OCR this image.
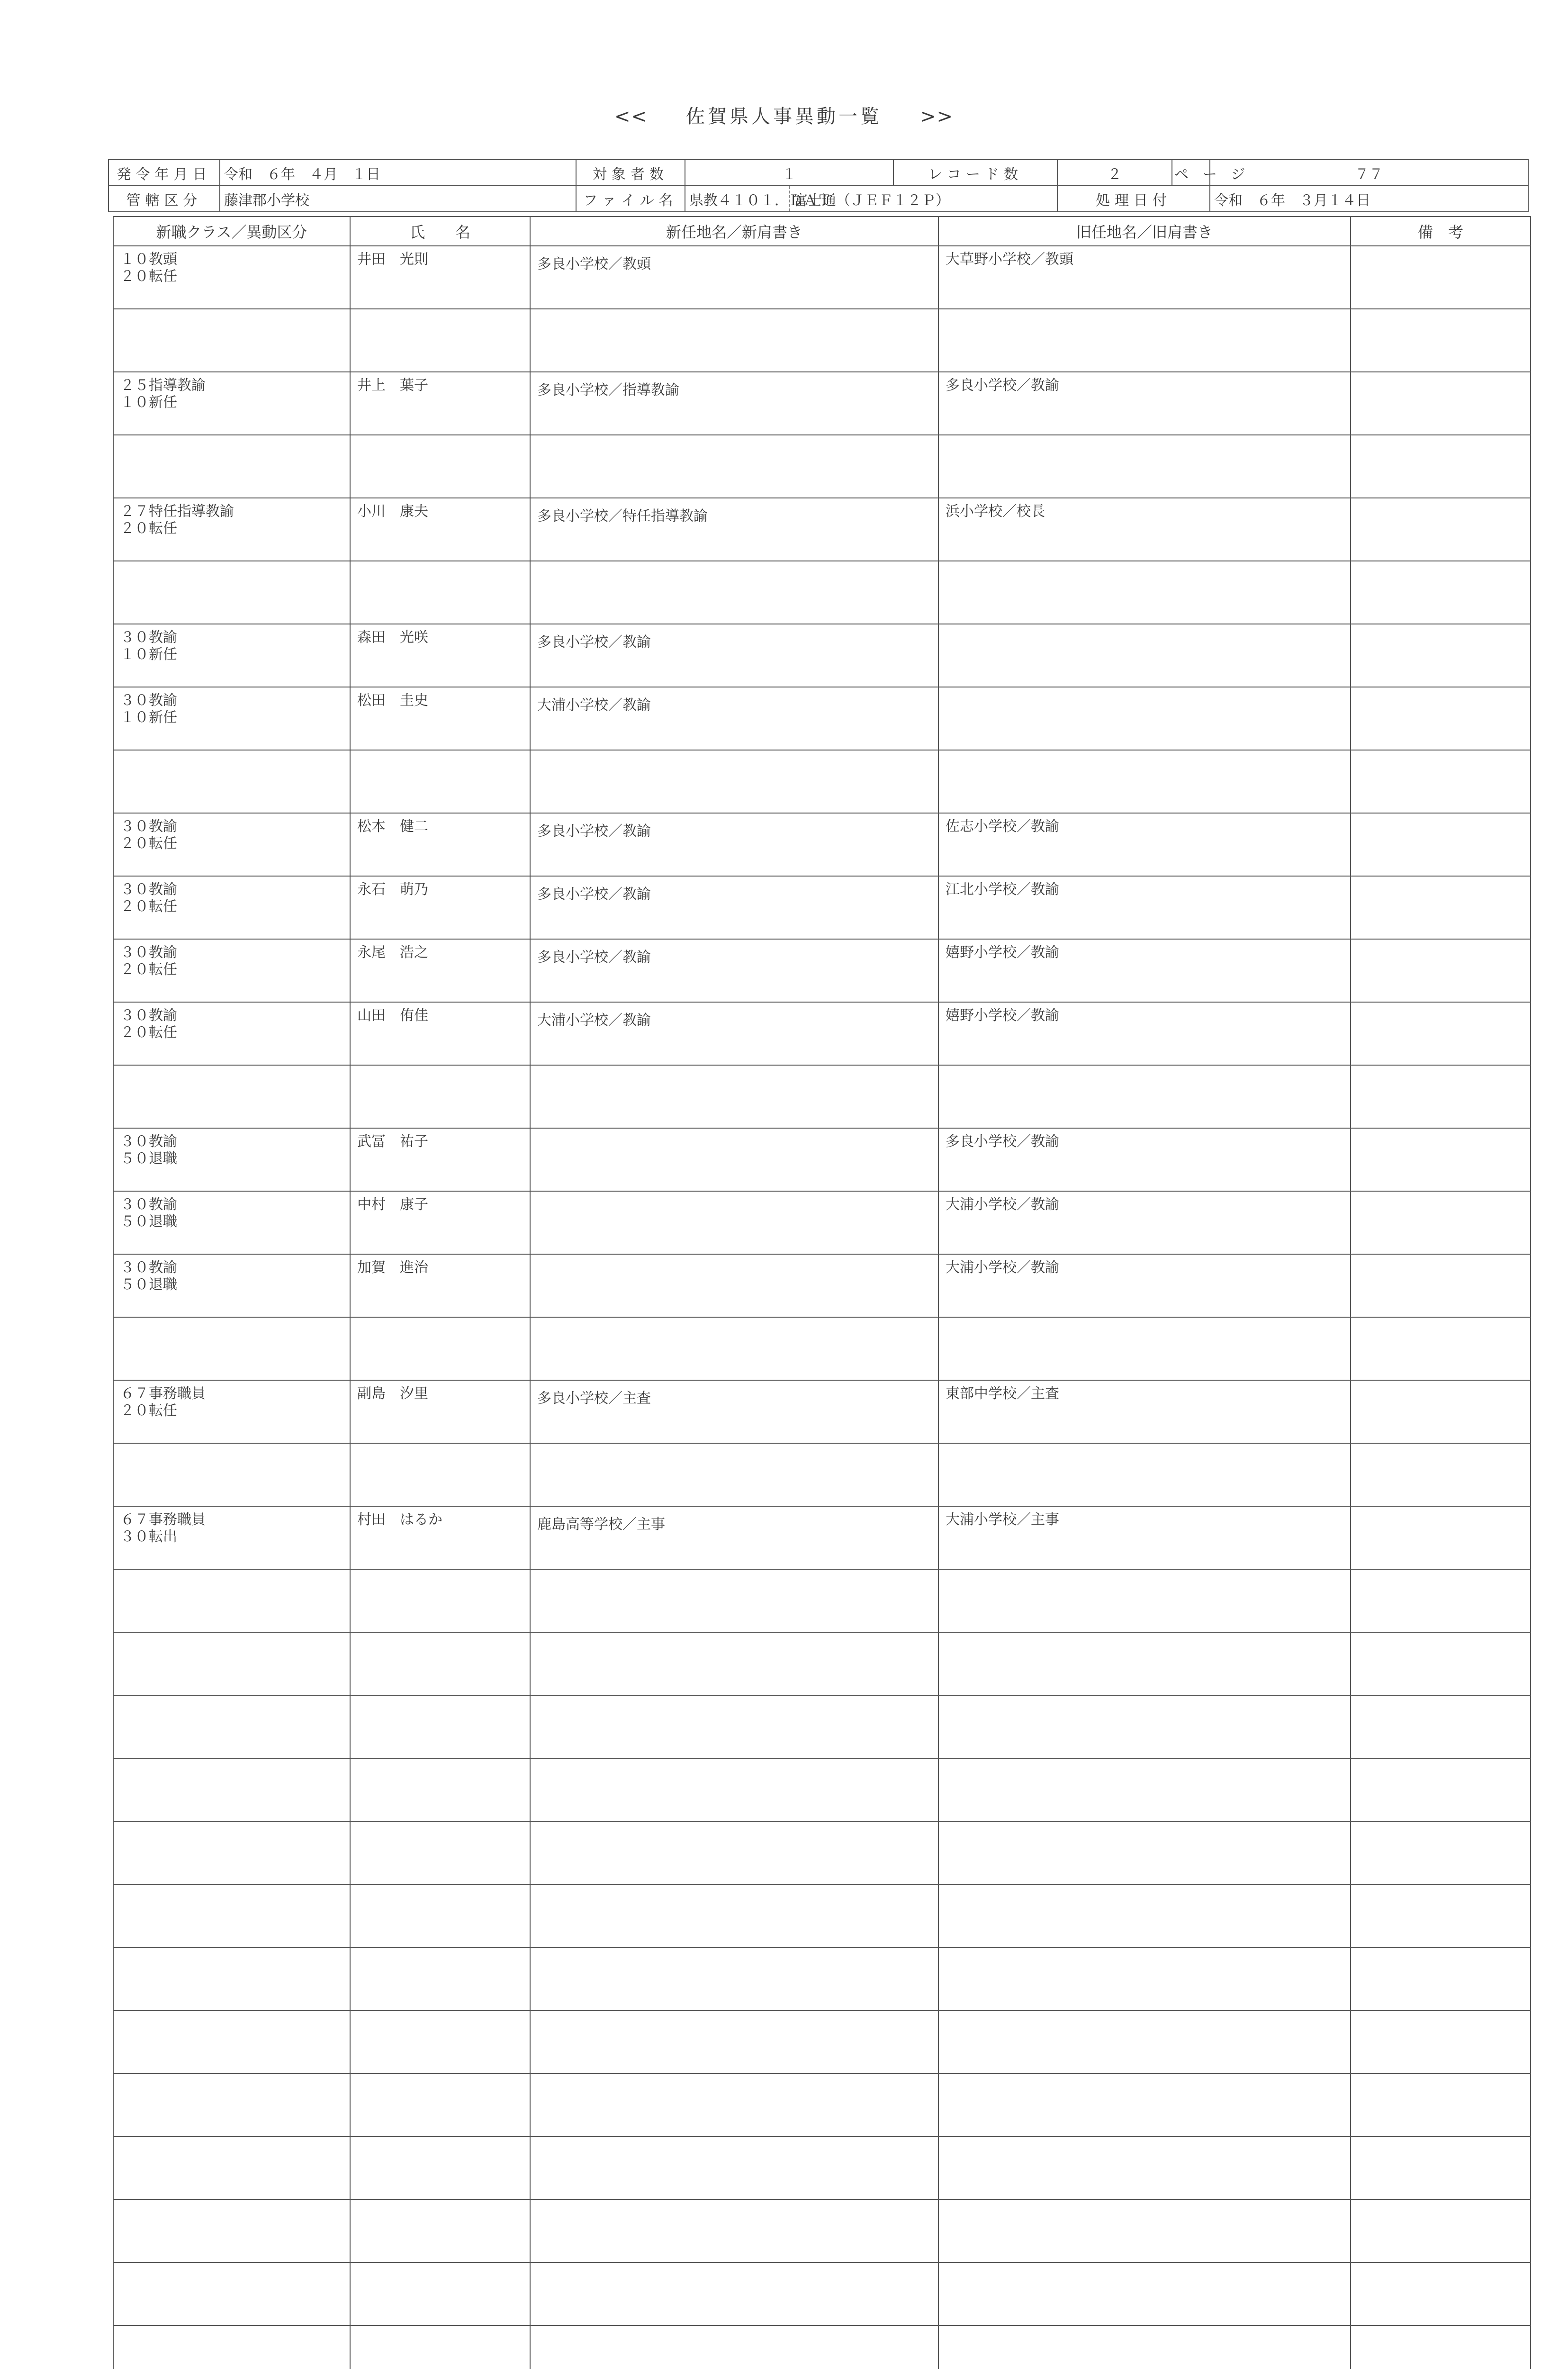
<< 佐賀県人事異動一覧 >>
発令年月日	令和　６年　４月　１日	対象者数	１		レコード数	２	ページ	７７
管轄区分	藤津郡小学校	ファイル名	県教４１０１．ＤＡＴ	富士通（ＪＥＦ１２Ｐ）		処理日付		令和　６年　３月１４日
新職クラス／異動区分	氏　　名	新任地名／新肩書き	旧任地名／旧肩書き	備　考

１０教頭
２０転任	井田　光則	多良小学校／教頭	大草野小学校／教頭	

２５指導教諭
１０新任	井上　葉子	多良小学校／指導教諭	多良小学校／教諭	

２７特任指導教諭
２０転任	小川　康夫	多良小学校／特任指導教諭	浜小学校／校長	

３０教諭
１０新任	森田　光咲	多良小学校／教諭		

３０教諭
１０新任	松田　圭史	大浦小学校／教諭		

３０教諭
２０転任	松本　健二	多良小学校／教諭	佐志小学校／教諭	

３０教諭
２０転任	永石　萌乃	多良小学校／教諭	江北小学校／教諭	

３０教諭
２０転任	永尾　浩之	多良小学校／教諭	嬉野小学校／教諭	

３０教諭
２０転任	山田　侑佳	大浦小学校／教諭	嬉野小学校／教諭	

３０教諭
５０退職	武冨　祐子		多良小学校／教諭	

３０教諭
５０退職	中村　康子		大浦小学校／教諭	

３０教諭
５０退職	加賀　進治		大浦小学校／教諭	

６７事務職員
２０転任	副島　汐里	多良小学校／主査	東部中学校／主査	

６７事務職員
３０転出	村田　はるか	鹿島高等学校／主事	大浦小学校／主事	
